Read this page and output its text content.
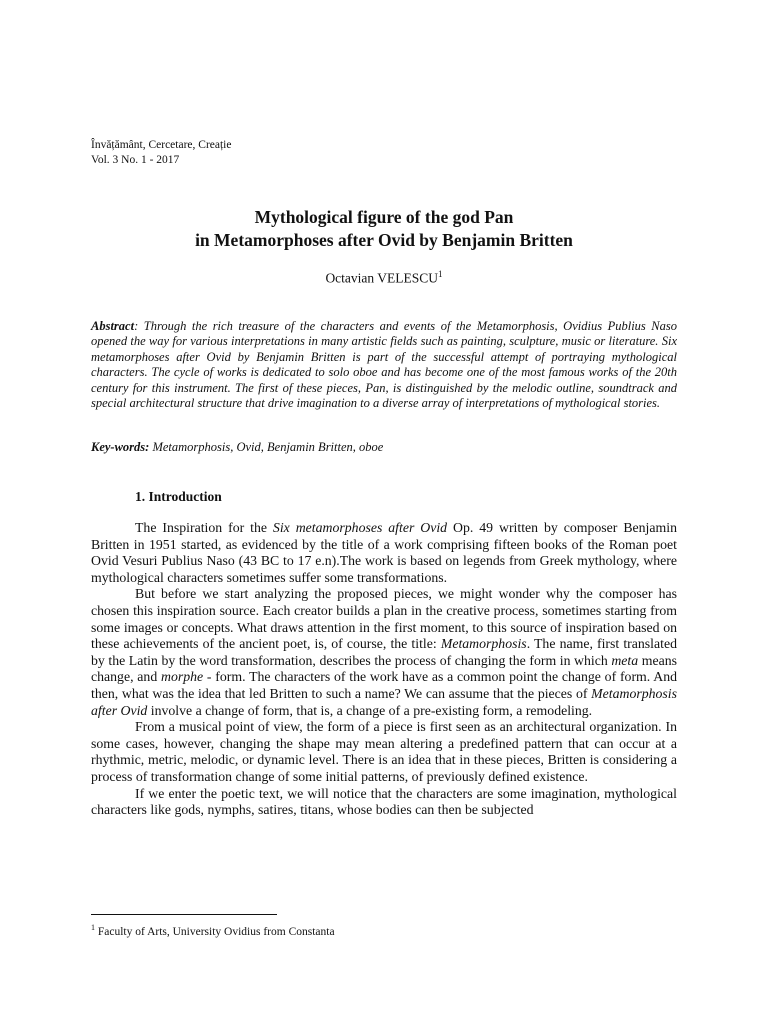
Învățământ, Cercetare, Creație
Vol. 3 No. 1 - 2017
Mythological figure of the god Pan
in Metamorphoses after Ovid by Benjamin Britten
Octavian VELESCU$^1$
Abstract: Through the rich treasure of the characters and events of the Metamorphosis, Ovidius Publius Naso opened the way for various interpretations in many artistic fields such as painting, sculpture, music or literature. Six metamorphoses after Ovid by Benjamin Britten is part of the successful attempt of portraying mythological characters. The cycle of works is dedicated to solo oboe and has become one of the most famous works of the 20th century for this instrument. The first of these pieces, Pan, is distinguished by the melodic outline, soundtrack and special architectural structure that drive imagination to a diverse array of interpretations of mythological stories.
Key-words: Metamorphosis, Ovid, Benjamin Britten, oboe
1. Introduction

The Inspiration for the Six metamorphoses after Ovid Op. 49 written by composer Benjamin Britten in 1951 started, as evidenced by the title of a work comprising fifteen books of the Roman poet Ovid Vesuri Publius Naso (43 BC to 17 e.n).The work is based on legends from Greek mythology, where mythological characters sometimes suffer some transformations.

But before we start analyzing the proposed pieces, we might wonder why the composer has chosen this inspiration source. Each creator builds a plan in the creative process, sometimes starting from some images or concepts. What draws attention in the first moment, to this source of inspiration based on these achievements of the ancient poet, is, of course, the title: Metamorphosis. The name, first translated by the Latin by the word transformation, describes the process of changing the form in which meta means change, and morphe - form. The characters of the work have as a common point the change of form. And then, what was the idea that led Britten to such a name? We can assume that the pieces of Metamorphosis after Ovid involve a change of form, that is, a change of a pre-existing form, a remodeling.

From a musical point of view, the form of a piece is first seen as an architectural organization. In some cases, however, changing the shape may mean altering a predefined pattern that can occur at a rhythmic, metric, melodic, or dynamic level. There is an idea that in these pieces, Britten is considering a process of transformation change of some initial patterns, of previously defined existence.

If we enter the poetic text, we will notice that the characters are some imagination, mythological characters like gods, nymphs, satires, titans, whose bodies can then be subjected

$^1$ Faculty of Arts, University Ovidius from Constanta
